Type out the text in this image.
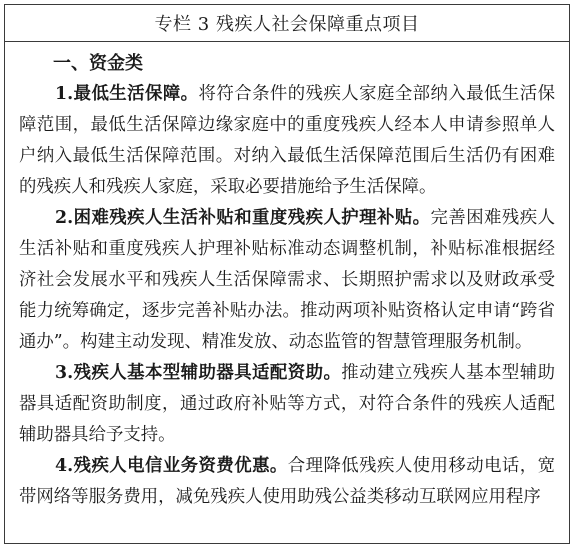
专栏 3 残疾人社会保障重点项目

一、资金类

1.最低生活保障。将符合条件的残疾人家庭全部纳入最低生活保障范围，最低生活保障边缘家庭中的重度残疾人经本人申请参照单人户纳入最低生活保障范围。对纳入最低生活保障范围后生活仍有困难的残疾人和残疾人家庭，采取必要措施给予生活保障。

2.困难残疾人生活补贴和重度残疾人护理补贴。完善困难残疾人生活补贴和重度残疾人护理补贴标准动态调整机制，补贴标准根据经济社会发展水平和残疾人生活保障需求、长期照护需求以及财政承受能力统筹确定，逐步完善补贴办法。推动两项补贴资格认定申请“跨省通办”。构建主动发现、精准发放、动态监管的智慧管理服务机制。

3.残疾人基本型辅助器具适配资助。推动建立残疾人基本型辅助器具适配资助制度，通过政府补贴等方式，对符合条件的残疾人适配辅助器具给予支持。

4.残疾人电信业务资费优惠。合理降低残疾人使用移动电话，宽带网络等服务费用，减免残疾人使用助残公益类移动互联网应用程序
